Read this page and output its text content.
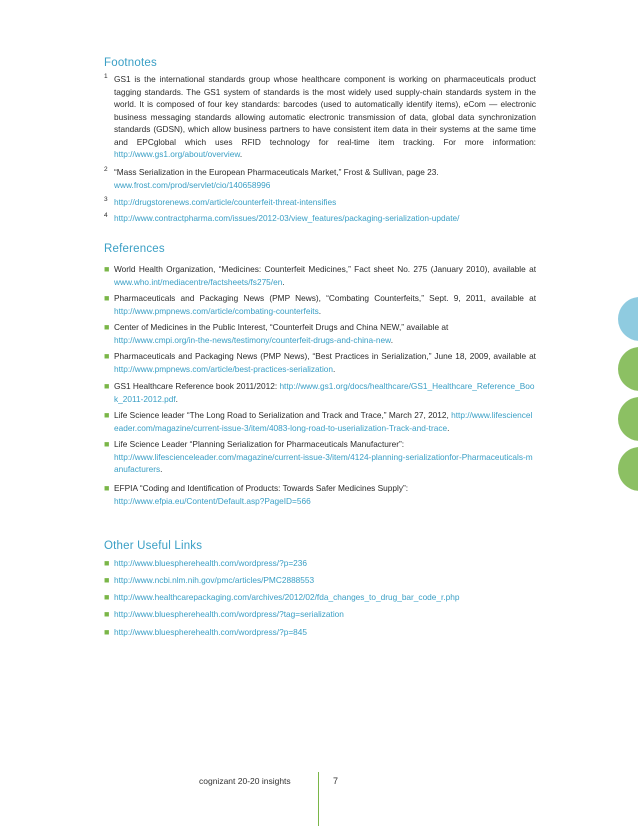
Footnotes
1 GS1 is the international standards group whose healthcare component is working on pharmaceuticals product tagging standards. The GS1 system of standards is the most widely used supply-chain standards system in the world. It is composed of four key standards: barcodes (used to automatically identify items), eCom — electronic business messaging standards allowing automatic electronic transmission of data, global data synchronization standards (GDSN), which allow business partners to have consistent item data in their systems at the same time and EPCglobal which uses RFID technology for real-time item tracking. For more information: http://www.gs1.org/about/overview.
2 “Mass Serialization in the European Pharmaceuticals Market,” Frost & Sullivan, page 23.
www.frost.com/prod/servlet/cio/140658996
3 http://drugstorenews.com/article/counterfeit-threat-intensifies
4 http://www.contractpharma.com/issues/2012-03/view_features/packaging-serialization-update/
References
■ World Health Organization, “Medicines: Counterfeit Medicines,” Fact sheet No. 275 (January 2010), available at www.who.int/mediacentre/factsheets/fs275/en.
■ Pharmaceuticals and Packaging News (PMP News), “Combating Counterfeits,” Sept. 9, 2011, available at http://www.pmpnews.com/article/combating-counterfeits.
■ Center of Medicines in the Public Interest, “Counterfeit Drugs and China NEW,” available at
http://www.cmpi.org/in-the-news/testimony/counterfeit-drugs-and-china-new.
■ Pharmaceuticals and Packaging News (PMP News), “Best Practices in Serialization,” June 18, 2009, available at http://www.pmpnews.com/article/best-practices-serialization.
■ GS1 Healthcare Reference book 2011/2012: http://www.gs1.org/docs/healthcare/GS1_Healthcare_Reference_Book_2011-2012.pdf.
■ Life Science leader “The Long Road to Serialization and Track and Trace,” March 27, 2012, http://www.lifescienceleader.com/magazine/current-issue-3/item/4083-long-road-to-userialization-Track-and-trace.
■ Life Science Leader “Planning Serialization for Pharmaceuticals Manufacturer”:
http://www.lifescienceleader.com/magazine/current-issue-3/item/4124-planning-serializationfor-Pharmaceuticals-manufacturers.
■ EFPIA “Coding and Identification of Products: Towards Safer Medicines Supply”:
http://www.efpia.eu/Content/Default.asp?PageID=566
Other Useful Links
■ http://www.bluespherehealth.com/wordpress/?p=236
■ http://www.ncbi.nlm.nih.gov/pmc/articles/PMC2888553
■ http://www.healthcarepackaging.com/archives/2012/02/fda_changes_to_drug_bar_code_r.php
■ http://www.bluespherehealth.com/wordpress/?tag=serialization
■ http://www.bluespherehealth.com/wordpress/?p=845
cognizant 20-20 insights	7
